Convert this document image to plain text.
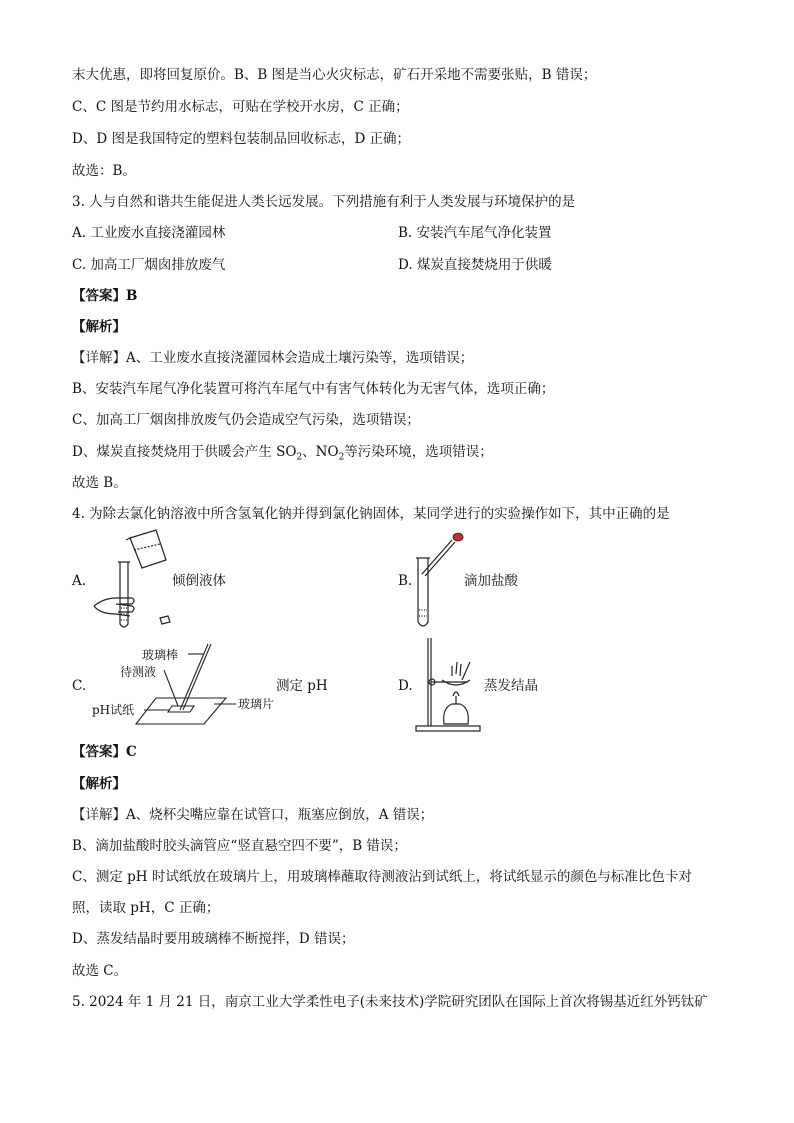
末大优惠，即将回复原价。B、B 图是当心火灾标志，矿石开采地不需要张贴，B 错误；
C、C 图是节约用水标志，可贴在学校开水房，C 正确；
D、D 图是我国特定的塑料包装制品回收标志，D 正确；
故选：B。
3. 人与自然和谐共生能促进人类长远发展。下列措施有利于人类发展与环境保护的是
A. 工业废水直接浇灌园林	B. 安装汽车尾气净化装置
C. 加高工厂烟囱排放废气	D. 煤炭直接焚烧用于供暖
【答案】B
【解析】
【详解】A、工业废水直接浇灌园林会造成土壤污染等，选项错误；
B、安装汽车尾气净化装置可将汽车尾气中有害气体转化为无害气体，选项正确；
C、加高工厂烟囱排放废气仍会造成空气污染，选项错误；
D、煤炭直接焚烧用于供暖会产生 $SO_2$、$NO_2$等污染环境，选项错误；
故选 B。
4. 为除去氯化钠溶液中所含氢氧化钠并得到氯化钠固体，某同学进行的实验操作如下，其中正确的是
A.	倾倒液体	B.	滴加盐酸
C.
玻璃棒
待测液
pH试纸	玻璃片
测定 pH	D.	蒸发结晶
【答案】C
【解析】
【详解】A、烧杯尖嘴应靠在试管口，瓶塞应倒放，A 错误；
B、滴加盐酸时胶头滴管应“竖直悬空四不要”，B 错误；
C、测定 pH 时试纸放在玻璃片上，用玻璃棒蘸取待测液沾到试纸上，将试纸显示的颜色与标准比色卡对
照，读取 pH，C 正确；
D、蒸发结晶时要用玻璃棒不断搅拌，D 错误；
故选 C。
5. 2024 年 1 月 21 日，南京工业大学柔性电子(未来技术)学院研究团队在国际上首次将锡基近红外钙钛矿
